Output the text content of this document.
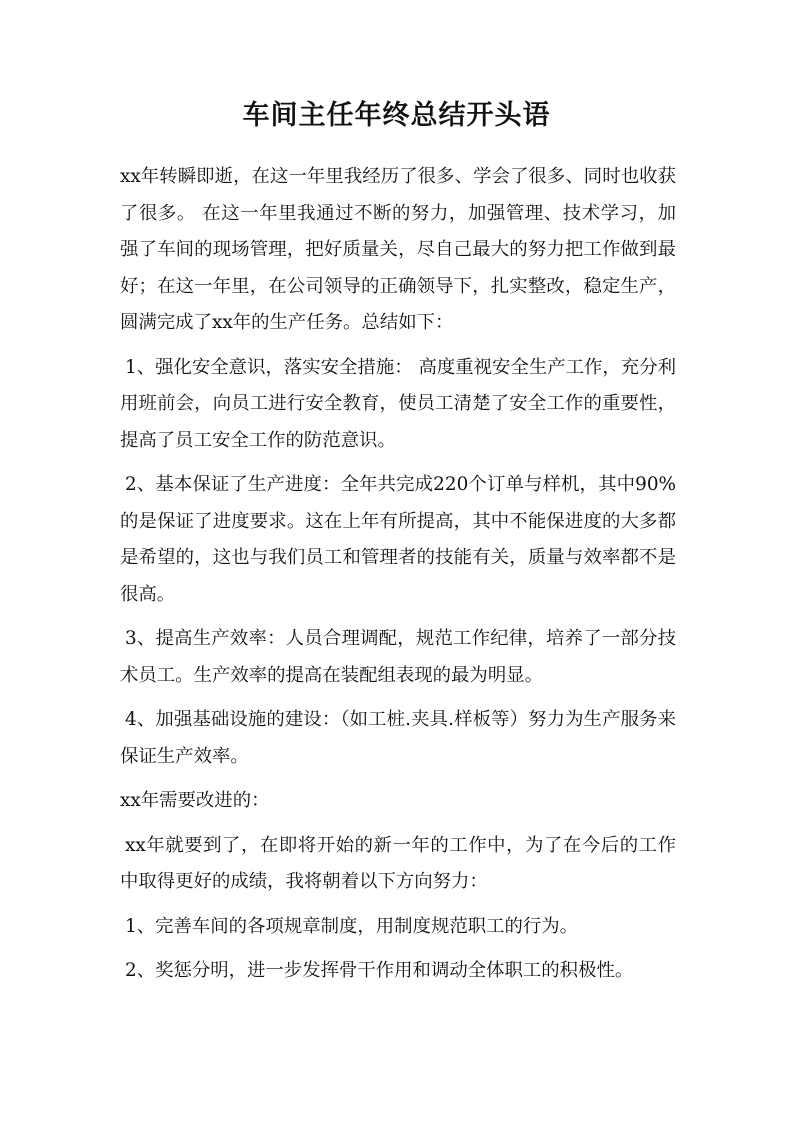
车间主任年终总结开头语

xx年转瞬即逝，在这一年里我经历了很多、学会了很多、同时也收获了很多。 在这一年里我通过不断的努力，加强管理、技术学习，加强了车间的现场管理，把好质量关，尽自己最大的努力把工作做到最好；在这一年里，在公司领导的正确领导下，扎实整改，稳定生产，圆满完成了xx年的生产任务。总结如下：

1、强化安全意识，落实安全措施： 高度重视安全生产工作，充分利用班前会，向员工进行安全教育，使员工清楚了安全工作的重要性，提高了员工安全工作的防范意识。

2、基本保证了生产进度：全年共完成220个订单与样机，其中90%的是保证了进度要求。这在上年有所提高，其中不能保进度的大多都是希望的，这也与我们员工和管理者的技能有关，质量与效率都不是很高。

3、提高生产效率：人员合理调配，规范工作纪律，培养了一部分技术员工。生产效率的提高在装配组表现的最为明显。

4、加强基础设施的建设：（如工桩.夹具.样板等）努力为生产服务来保证生产效率。

xx年需要改进的：

xx年就要到了，在即将开始的新一年的工作中，为了在今后的工作中取得更好的成绩，我将朝着以下方向努力：

1、完善车间的各项规章制度，用制度规范职工的行为。

2、奖惩分明，进一步发挥骨干作用和调动全体职工的积极性。
